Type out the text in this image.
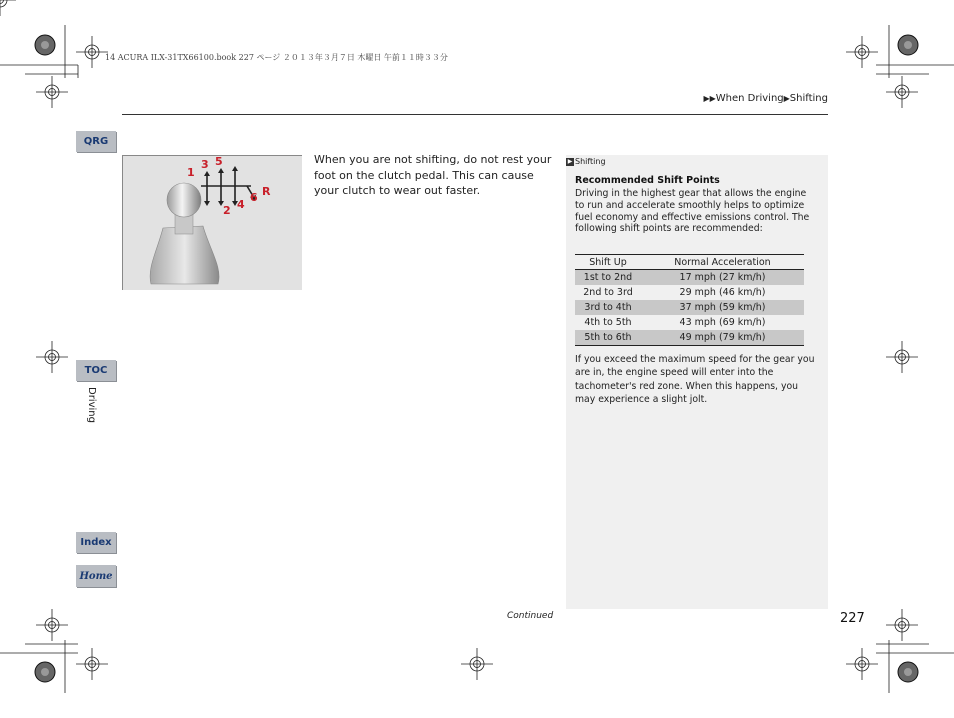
14 ACURA ILX-31TX66100.book 227 ページ ２０１３年３月７日 木曜日 午前１１時３３分
▶▶When Driving▶Shifting
QRG
TOC
Index
Home
Driving
1
3 5
2 4
6 R
When you are not shifting, do not rest your foot on the clutch pedal. This can cause your clutch to wear out faster.
▶ Shifting
Recommended Shift Points
Driving in the highest gear that allows the engine to run and accelerate smoothly helps to optimize fuel economy and effective emissions control. The following shift points are recommended:
Shift Up	Normal Acceleration
1st to 2nd	17 mph (27 km/h)
2nd to 3rd	29 mph (46 km/h)
3rd to 4th	37 mph (59 km/h)
4th to 5th	43 mph (69 km/h)
5th to 6th	49 mph (79 km/h)
If you exceed the maximum speed for the gear you are in, the engine speed will enter into the tachometer's red zone. When this happens, you may experience a slight jolt.
Continued	227
